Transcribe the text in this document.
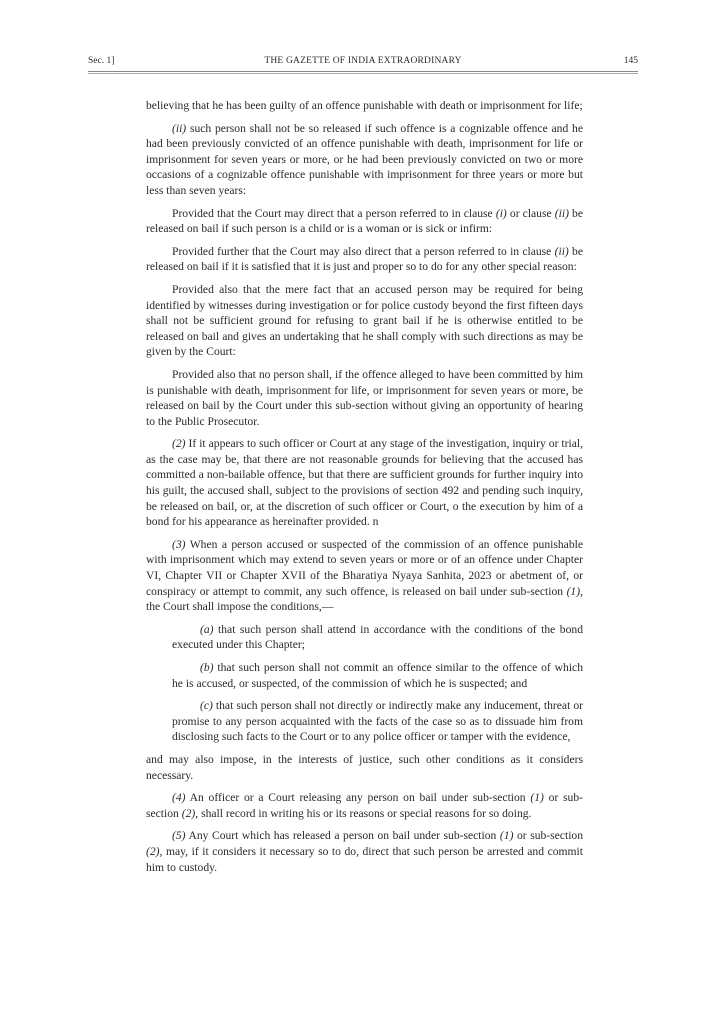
Sec. 1]	THE GAZETTE OF INDIA EXTRAORDINARY	145

believing that he has been guilty of an offence punishable with death or imprisonment for life;

(ii) such person shall not be so released if such offence is a cognizable offence and he had been previously convicted of an offence punishable with death, imprisonment for life or imprisonment for seven years or more, or he had been previously convicted on two or more occasions of a cognizable offence punishable with imprisonment for three years or more but less than seven years:

Provided that the Court may direct that a person referred to in clause (i) or clause (ii) be released on bail if such person is a child or is a woman or is sick or infirm:

Provided further that the Court may also direct that a person referred to in clause (ii) be released on bail if it is satisfied that it is just and proper so to do for any other special reason:

Provided also that the mere fact that an accused person may be required for being identified by witnesses during investigation or for police custody beyond the first fifteen days shall not be sufficient ground for refusing to grant bail if he is otherwise entitled to be released on bail and gives an undertaking that he shall comply with such directions as may be given by the Court:

Provided also that no person shall, if the offence alleged to have been committed by him is punishable with death, imprisonment for life, or imprisonment for seven years or more, be released on bail by the Court under this sub-section without giving an opportunity of hearing to the Public Prosecutor.

(2) If it appears to such officer or Court at any stage of the investigation, inquiry or trial, as the case may be, that there are not reasonable grounds for believing that the accused has committed a non-bailable offence, but that there are sufficient grounds for further inquiry into his guilt, the accused shall, subject to the provisions of section 492 and pending such inquiry, be released on bail, or, at the discretion of such officer or Court, o the execution by him of a bond for his appearance as hereinafter provided. n

(3) When a person accused or suspected of the commission of an offence punishable with imprisonment which may extend to seven years or more or of an offence under Chapter VI, Chapter VII or Chapter XVII of the Bharatiya Nyaya Sanhita, 2023 or abetment of, or conspiracy or attempt to commit, any such offence, is released on bail under sub-section (1), the Court shall impose the conditions,—

(a) that such person shall attend in accordance with the conditions of the bond executed under this Chapter;

(b) that such person shall not commit an offence similar to the offence of which he is accused, or suspected, of the commission of which he is suspected; and

(c) that such person shall not directly or indirectly make any inducement, threat or promise to any person acquainted with the facts of the case so as to dissuade him from disclosing such facts to the Court or to any police officer or tamper with the evidence,

and may also impose, in the interests of justice, such other conditions as it considers necessary.

(4) An officer or a Court releasing any person on bail under sub-section (1) or sub-section (2), shall record in writing his or its reasons or special reasons for so doing.

(5) Any Court which has released a person on bail under sub-section (1) or sub-section (2), may, if it considers it necessary so to do, direct that such person be arrested and commit him to custody.
